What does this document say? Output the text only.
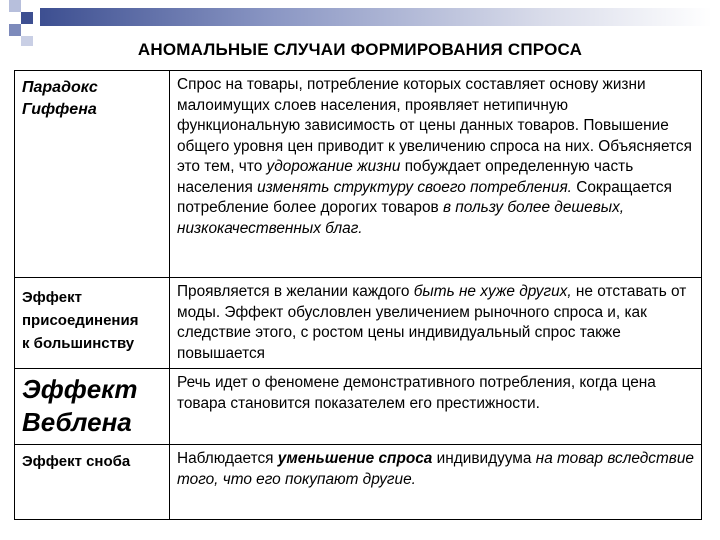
АНОМАЛЬНЫЕ СЛУЧАИ ФОРМИРОВАНИЯ СПРОСА
Парадокс
Гиффена	Спрос на товары, потребление которых составляет основу жизни малоимущих слоев населения, проявляет нетипичную функциональную зависимость от цены данных товаров. Повышение общего уровня цен приводит к увеличению спроса на них. Объясняется это тем, что удорожание жизни побуждает определенную часть населения изменять структуру своего потребления. Сокращается потребление более дорогих товаров в пользу более дешевых, низкокачественных благ.

Эффект
присоединения
к большинству	Проявляется в желании каждого быть не хуже других, не отставать от моды. Эффект обусловлен увеличением рыночного спроса и, как следствие этого, с ростом цены индивидуальный спрос также повышается

Эффект
Веблена	Речь идет о феномене демонстративного потребления, когда цена товара становится показателем его престижности.

Эффект сноба	Наблюдается уменьшение спроса индивидуума на товар вследствие того, что его покупают другие.
